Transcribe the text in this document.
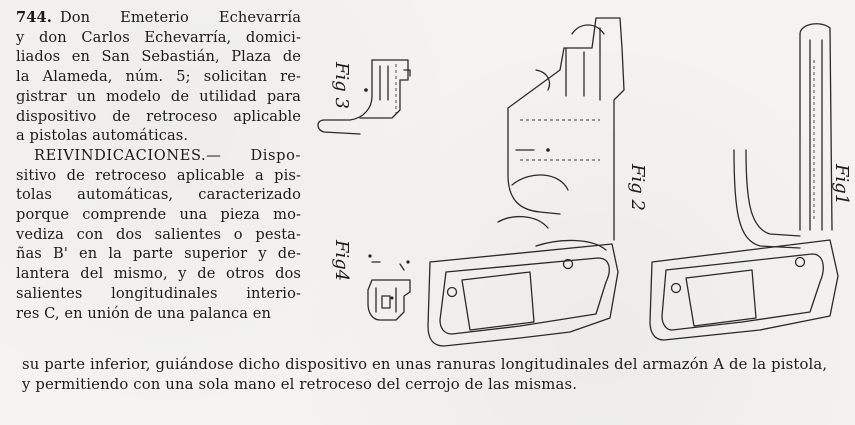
744. Don Emeterio Echevarría
y don Carlos Echevarría, domici-
liados en San Sebastián, Plaza de
la Alameda, núm. 5; solicitan re-
gistrar un modelo de utilidad para
dispositivo de retroceso aplicable
a pistolas automáticas.
REIVINDICACIONES.— Dispo-
sitivo de retroceso aplicable a pis-
tolas automáticas, caracterizado
porque comprende una pieza mo-
vediza con dos salientes o pesta-
ñas B' en la parte superior y de-
lantera del mismo, y de otros dos
salientes longitudinales interio-
res C, en unión de una palanca en
su parte inferior, guiándose dicho dispositivo en unas ranuras longitudinales del armazón A de la pistola,
y permitiendo con una sola mano el retroceso del cerrojo de las mismas.
Fig 3
Fig4
Fig 2	Fig1
